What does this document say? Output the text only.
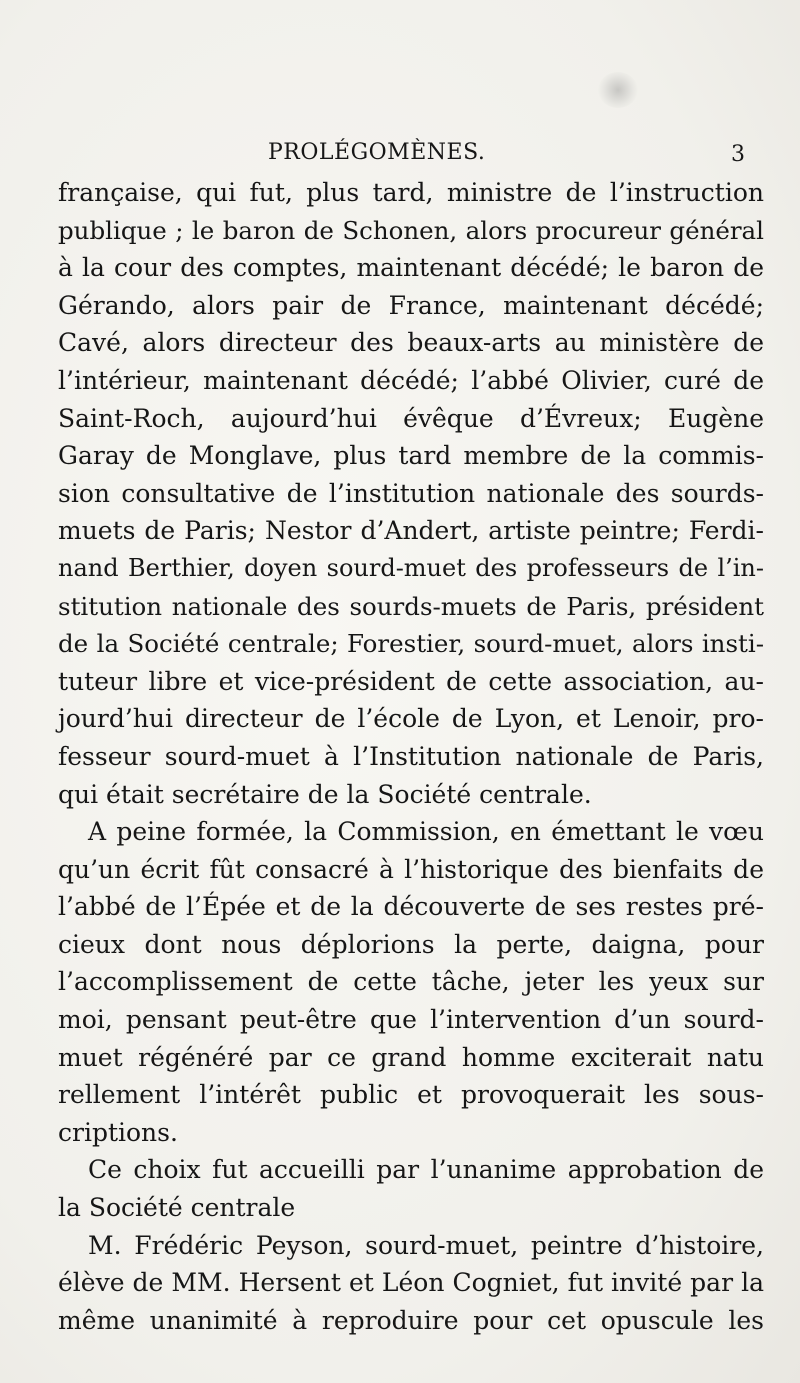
PROLÉGOMÈNES.	3
française, qui fut, plus tard, ministre de l’instruction
publique ; le baron de Schonen, alors procureur général
à la cour des comptes, maintenant décédé; le baron de
Gérando, alors pair de France, maintenant décédé;
Cavé, alors directeur des beaux-arts au ministère de
l’intérieur, maintenant décédé; l’abbé Olivier, curé de
Saint-Roch, aujourd’hui évêque d’Évreux; Eugène
Garay de Monglave, plus tard membre de la commis-
sion consultative de l’institution nationale des sourds-
muets de Paris; Nestor d’Andert, artiste peintre; Ferdi-
nand Berthier, doyen sourd-muet des professeurs de l’in-
stitution nationale des sourds-muets de Paris, président
de la Société centrale; Forestier, sourd-muet, alors insti-
tuteur libre et vice-président de cette association, au-
jourd’hui directeur de l’école de Lyon, et Lenoir, pro-
fesseur sourd-muet à l’Institution nationale de Paris,
qui était secrétaire de la Société centrale.
A peine formée, la Commission, en émettant le vœu
qu’un écrit fût consacré à l’historique des bienfaits de
l’abbé de l’Épée et de la découverte de ses restes pré-
cieux dont nous déplorions la perte, daigna, pour
l’accomplissement de cette tâche, jeter les yeux sur
moi, pensant peut-être que l’intervention d’un sourd-
muet régénéré par ce grand homme exciterait natu
rellement l’intérêt public et provoquerait les sous-
criptions.
Ce choix fut accueilli par l’unanime approbation de
la Société centrale
M. Frédéric Peyson, sourd-muet, peintre d’histoire,
élève de MM. Hersent et Léon Cogniet, fut invité par la
même unanimité à reproduire pour cet opuscule les
